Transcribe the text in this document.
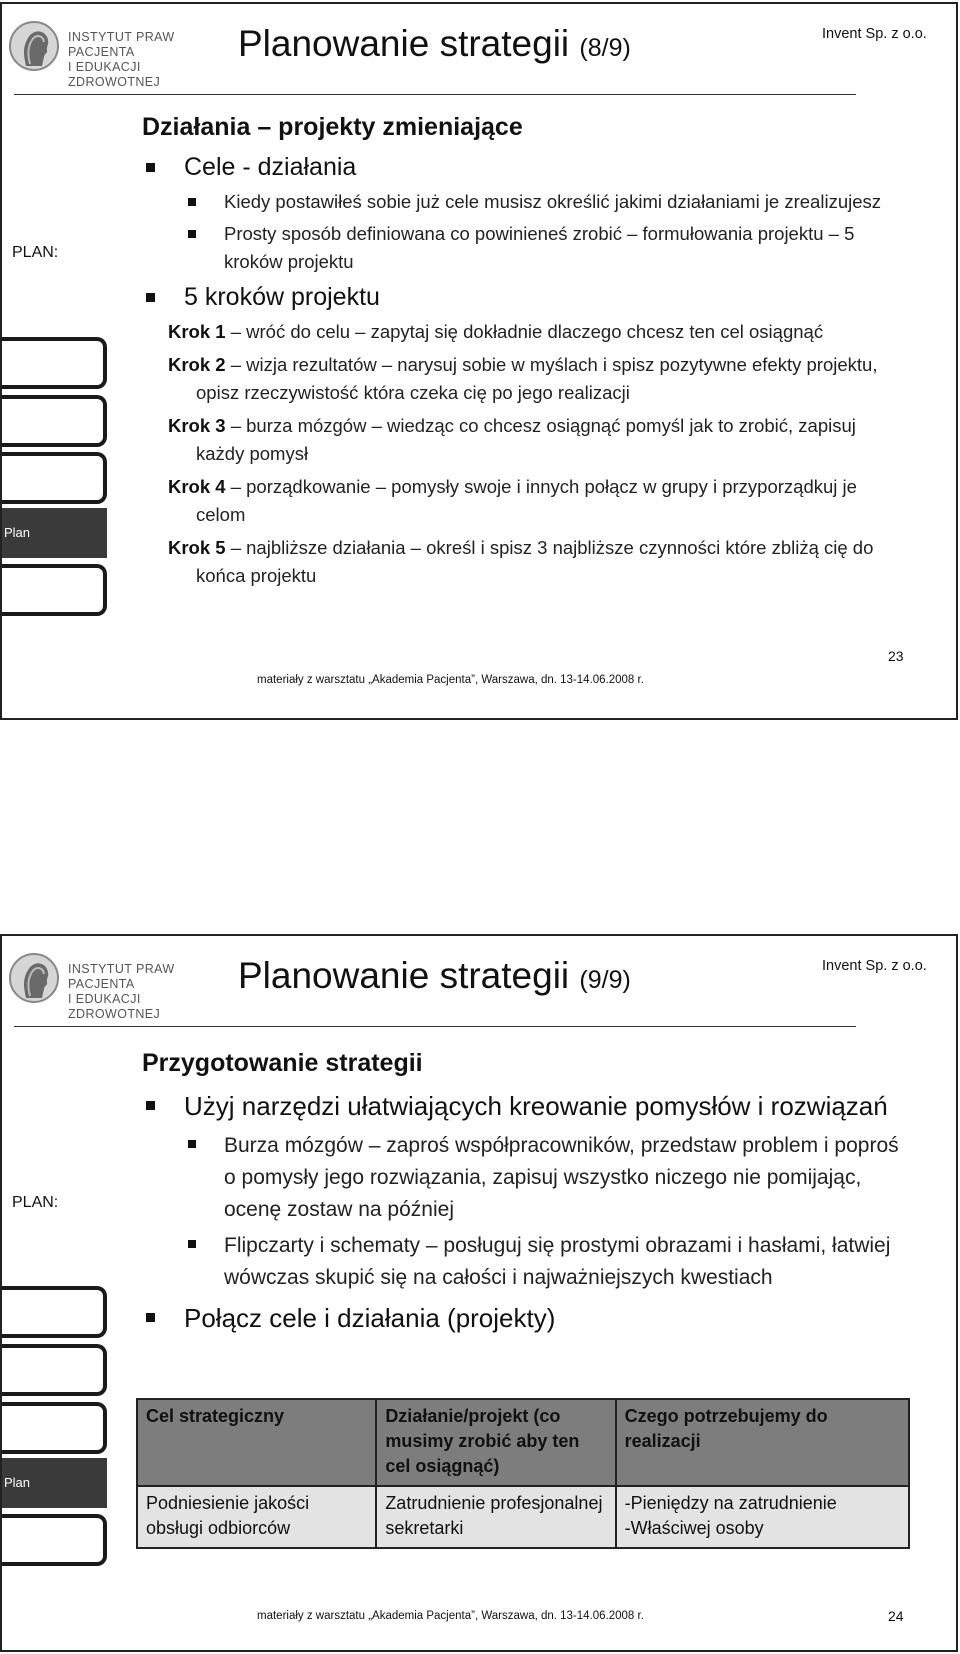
INSTYTUT PRAW PACJENTA
I EDUKACJI ZDROWOTNEJ
Planowanie strategii (8/9)	Invent Sp. z o.o.
PLAN:
Plan
Działania – projekty zmieniające
Cele - działania
Kiedy postawiłeś sobie już cele musisz określić jakimi działaniami je zrealizujesz
Prosty sposób definiowana co powinieneś zrobić – formułowania projektu – 5 kroków projektu
5 kroków projektu
Krok 1 – wróć do celu – zapytaj się dokładnie dlaczego chcesz ten cel osiągnąć
Krok 2 – wizja rezultatów – narysuj sobie w myślach i spisz pozytywne efekty projektu, opisz rzeczywistość która czeka cię po jego realizacji
Krok 3 – burza mózgów – wiedząc co chcesz osiągnąć pomyśl jak to zrobić, zapisuj każdy pomysł
Krok 4 – porządkowanie – pomysły swoje i innych połącz w grupy i przyporządkuj je celom
Krok 5 – najbliższe działania – określ i spisz 3 najbliższe czynności które zbliżą cię do końca projektu
23
materiały z warsztatu „Akademia Pacjenta”, Warszawa, dn. 13-14.06.2008 r.
INSTYTUT PRAW PACJENTA
I EDUKACJI ZDROWOTNEJ
Planowanie strategii (9/9)	Invent Sp. z o.o.
PLAN:
Plan
Przygotowanie strategii
Użyj narzędzi ułatwiających kreowanie pomysłów i rozwiązań
Burza mózgów – zaproś współpracowników, przedstaw problem i poproś o pomysły jego rozwiązania, zapisuj wszystko niczego nie pomijając, ocenę zostaw na później
Flipczarty i schematy – posługuj się prostymi obrazami i hasłami, łatwiej wówczas skupić się na całości i najważniejszych kwestiach
Połącz cele i działania (projekty)
Cel strategiczny	Działanie/projekt (co musimy zrobić aby ten cel osiągnąć)	Czego potrzebujemy do realizacji
Podniesienie jakości obsługi odbiorców	Zatrudnienie profesjonalnej sekretarki	-Pieniędzy na zatrudnienie
-Właściwej osoby
materiały z warsztatu „Akademia Pacjenta”, Warszawa, dn. 13-14.06.2008 r.	24
